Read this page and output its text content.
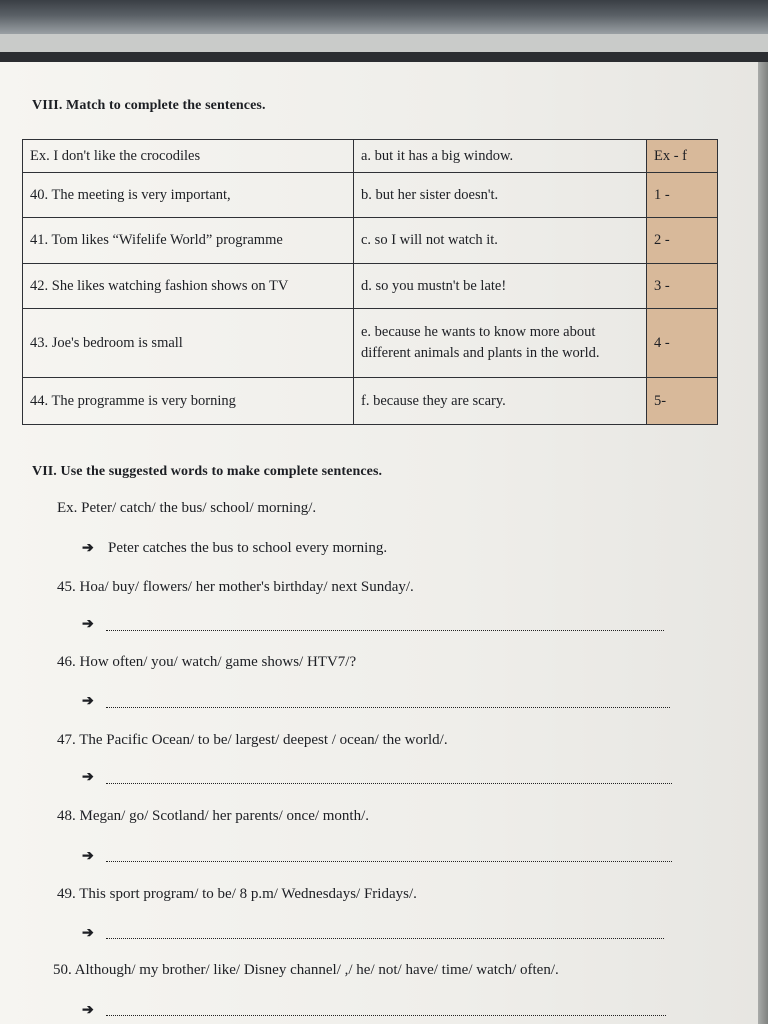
VIII. Match to complete the sentences.
Ex. I don't like the crocodiles	a. but it has a big window.	Ex - f
40. The meeting is very important,	b. but her sister doesn't.	1 -
41. Tom likes “Wifelife World” programme	c. so I will not watch it.	2 -
42. She likes watching fashion shows on TV	d. so you mustn't be late!	3 -
43. Joe's bedroom is small	e. because he wants to know more about different animals and plants in the world.	4 -
44. The programme is very borning	f. because they are scary.	5-
VII. Use the suggested words to make complete sentences.
Ex. Peter/ catch/ the bus/ school/ morning/.
➔ Peter catches the bus to school every morning.
45. Hoa/ buy/ flowers/ her mother's birthday/ next Sunday/.
➔
46. How often/ you/ watch/ game shows/ HTV7/?
➔
47. The Pacific Ocean/ to be/ largest/ deepest / ocean/ the world/.
➔
48. Megan/ go/ Scotland/ her parents/ once/ month/.
➔
49. This sport program/ to be/ 8 p.m/ Wednesdays/ Fridays/.
➔
50. Although/ my brother/ like/ Disney channel/ ,/ he/ not/ have/ time/ watch/ often/.
➔
